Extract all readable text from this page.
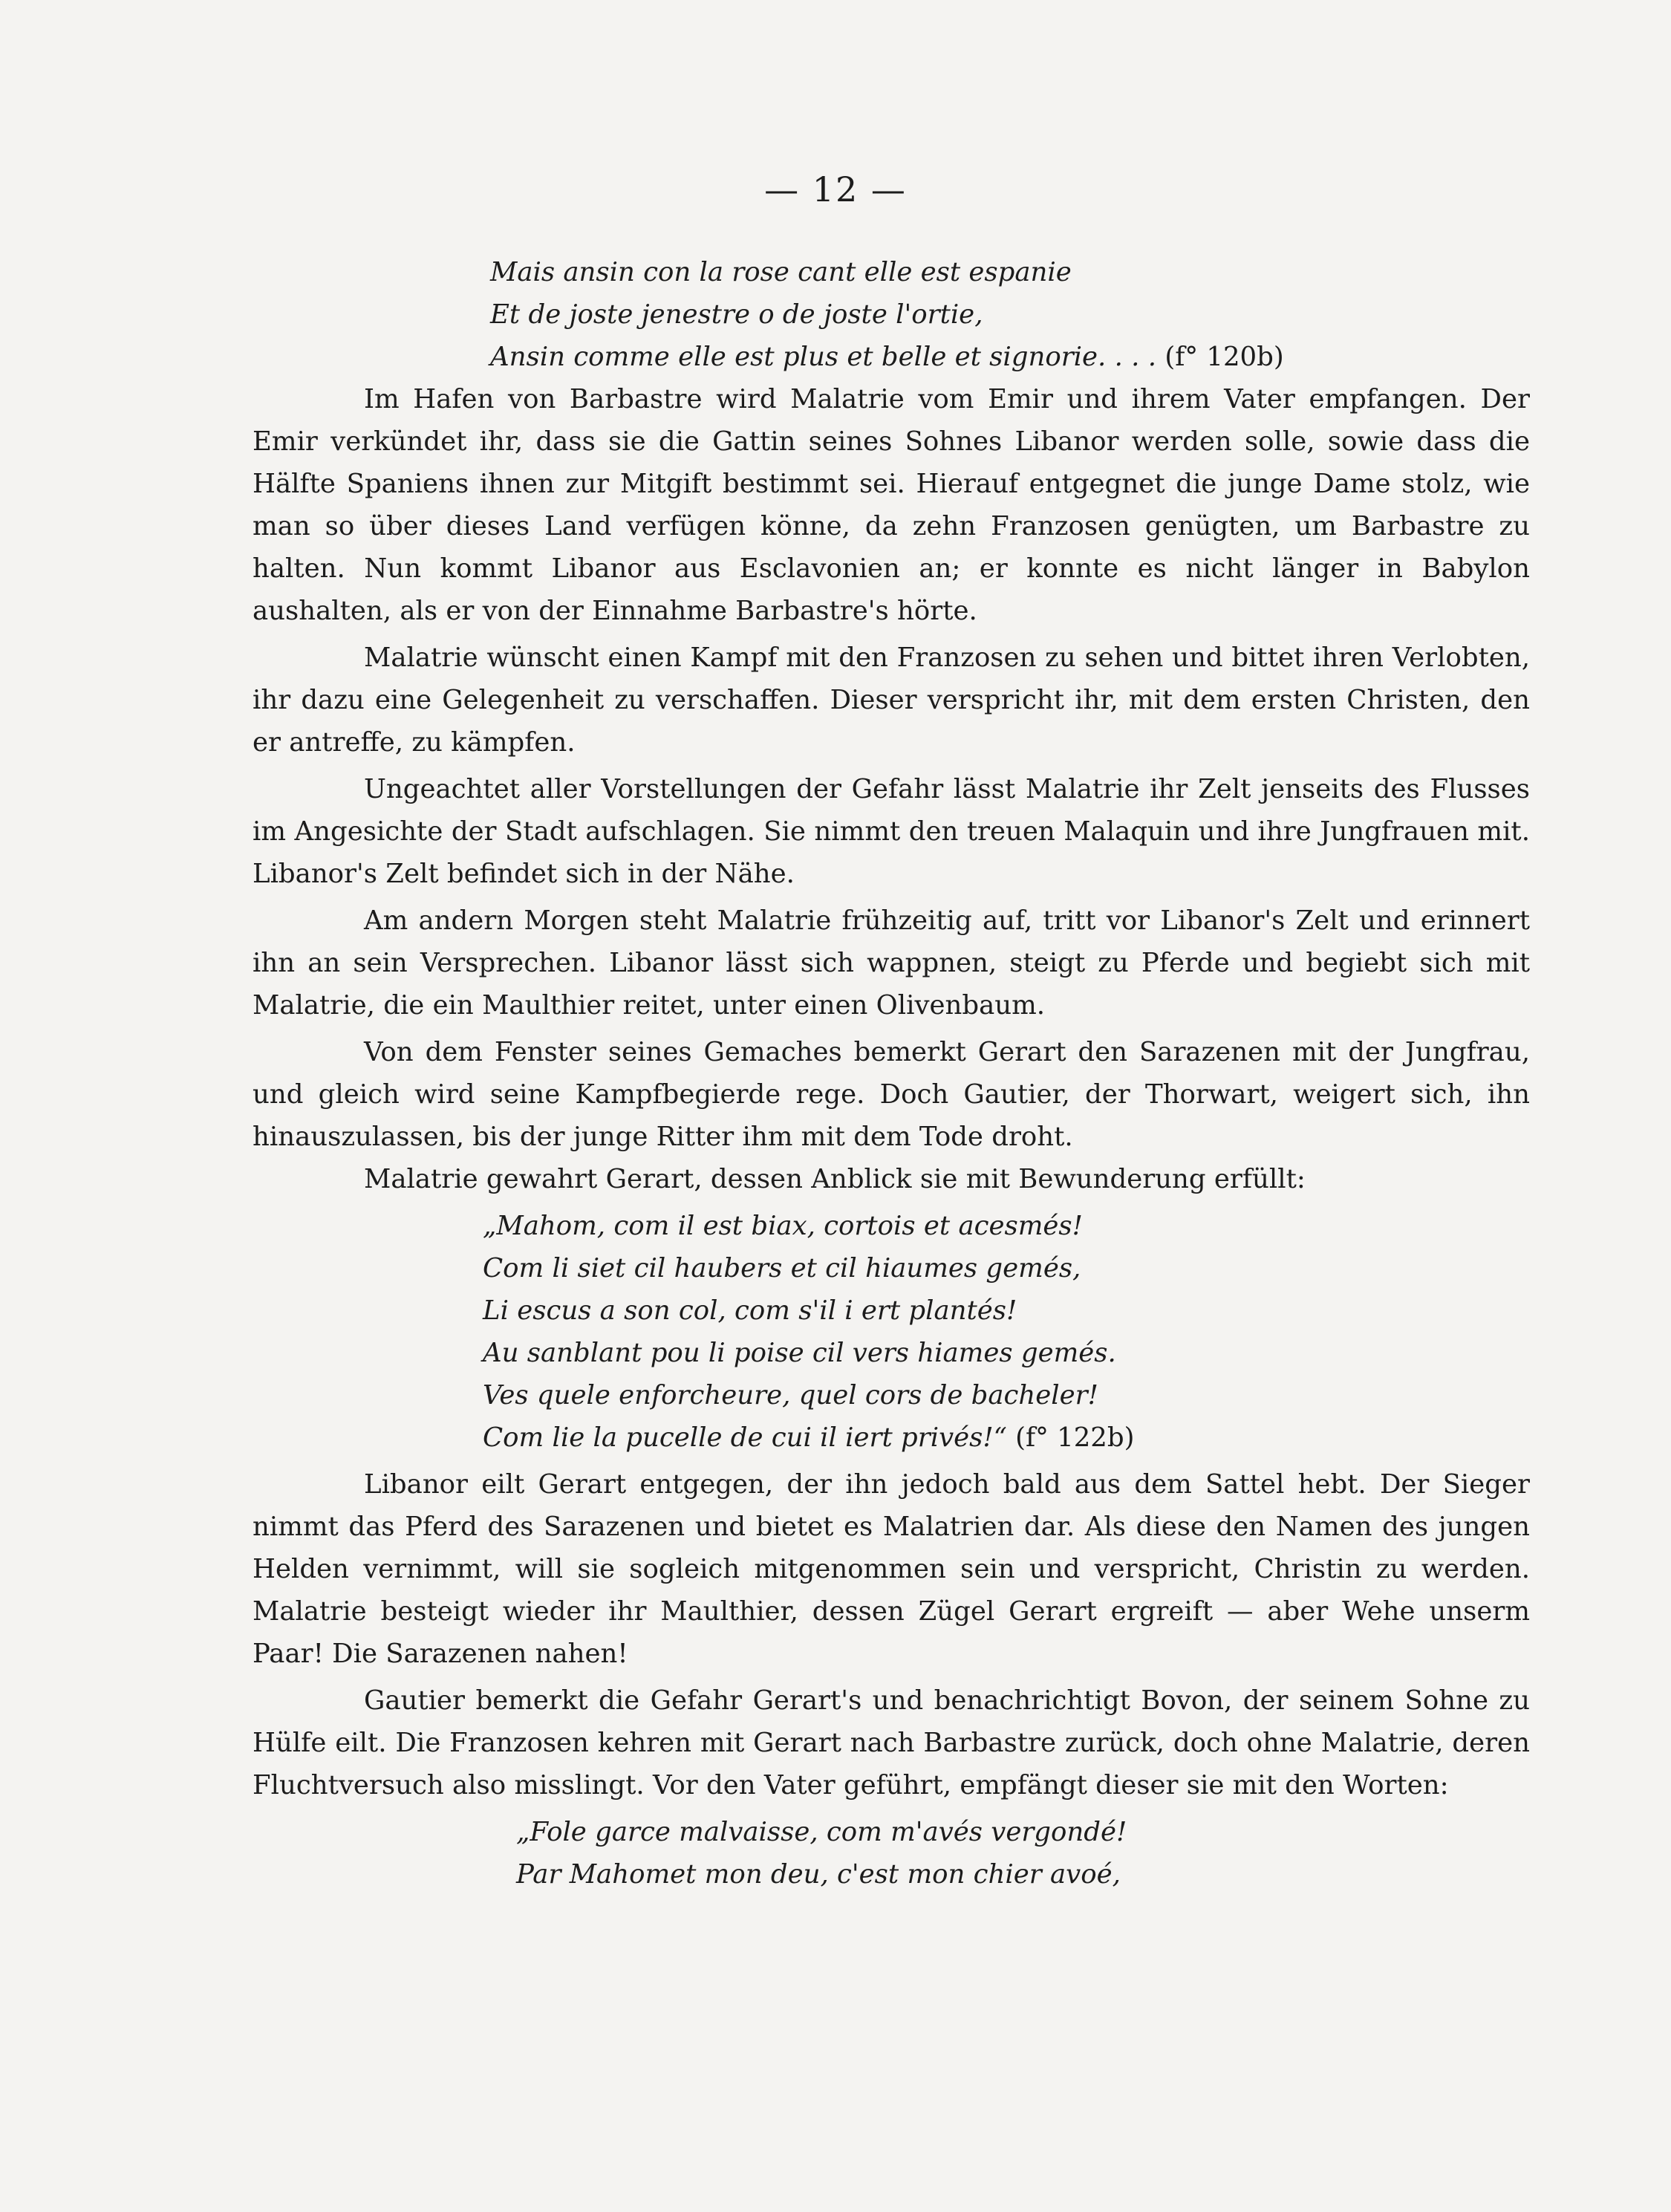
— 12 —
Mais ansin con la rose cant elle est espanie
Et de joste jenestre o de joste l'ortie,
Ansin comme elle est plus et belle et signorie. . . . (f° 120b)

Im Hafen von Barbastre wird Malatrie vom Emir und ihrem Vater empfangen. Der Emir verkündet ihr, dass sie die Gattin seines Sohnes Libanor werden solle, sowie dass die Hälfte Spaniens ihnen zur Mitgift bestimmt sei. Hierauf entgegnet die junge Dame stolz, wie man so über dieses Land verfügen könne, da zehn Franzosen genügten, um Barbastre zu halten. Nun kommt Libanor aus Esclavonien an; er konnte es nicht länger in Babylon aushalten, als er von der Einnahme Barbastre's hörte.

Malatrie wünscht einen Kampf mit den Franzosen zu sehen und bittet ihren Verlobten, ihr dazu eine Gelegenheit zu verschaffen. Dieser verspricht ihr, mit dem ersten Christen, den er antreffe, zu kämpfen.

Ungeachtet aller Vorstellungen der Gefahr lässt Malatrie ihr Zelt jenseits des Flusses im Angesichte der Stadt aufschlagen. Sie nimmt den treuen Malaquin und ihre Jungfrauen mit. Libanor's Zelt befindet sich in der Nähe.

Am andern Morgen steht Malatrie frühzeitig auf, tritt vor Libanor's Zelt und erinnert ihn an sein Versprechen. Libanor lässt sich wappnen, steigt zu Pferde und begiebt sich mit Malatrie, die ein Maulthier reitet, unter einen Olivenbaum.

Von dem Fenster seines Gemaches bemerkt Gerart den Sarazenen mit der Jungfrau, und gleich wird seine Kampfbegierde rege. Doch Gautier, der Thorwart, weigert sich, ihn hinauszulassen, bis der junge Ritter ihm mit dem Tode droht.

Malatrie gewahrt Gerart, dessen Anblick sie mit Bewunderung erfüllt:

„Mahom, com il est biax, cortois et acesmés!
Com li siet cil haubers et cil hiaumes gemés,
Li escus a son col, com s'il i ert plantés!
Au sanblant pou li poise cil vers hiames gemés.
Ves quele enforcheure, quel cors de bacheler!
Com lie la pucelle de cui il iert privés!“ (f° 122b)

Libanor eilt Gerart entgegen, der ihn jedoch bald aus dem Sattel hebt. Der Sieger nimmt das Pferd des Sarazenen und bietet es Malatrien dar. Als diese den Namen des jungen Helden vernimmt, will sie sogleich mitgenommen sein und verspricht, Christin zu werden. Malatrie besteigt wieder ihr Maulthier, dessen Zügel Gerart ergreift — aber Wehe unserm Paar! Die Sarazenen nahen!

Gautier bemerkt die Gefahr Gerart's und benachrichtigt Bovon, der seinem Sohne zu Hülfe eilt. Die Franzosen kehren mit Gerart nach Barbastre zurück, doch ohne Malatrie, deren Fluchtversuch also misslingt. Vor den Vater geführt, empfängt dieser sie mit den Worten:

„Fole garce malvaisse, com m'avés vergondé!
Par Mahomet mon deu, c'est mon chier avoé,
